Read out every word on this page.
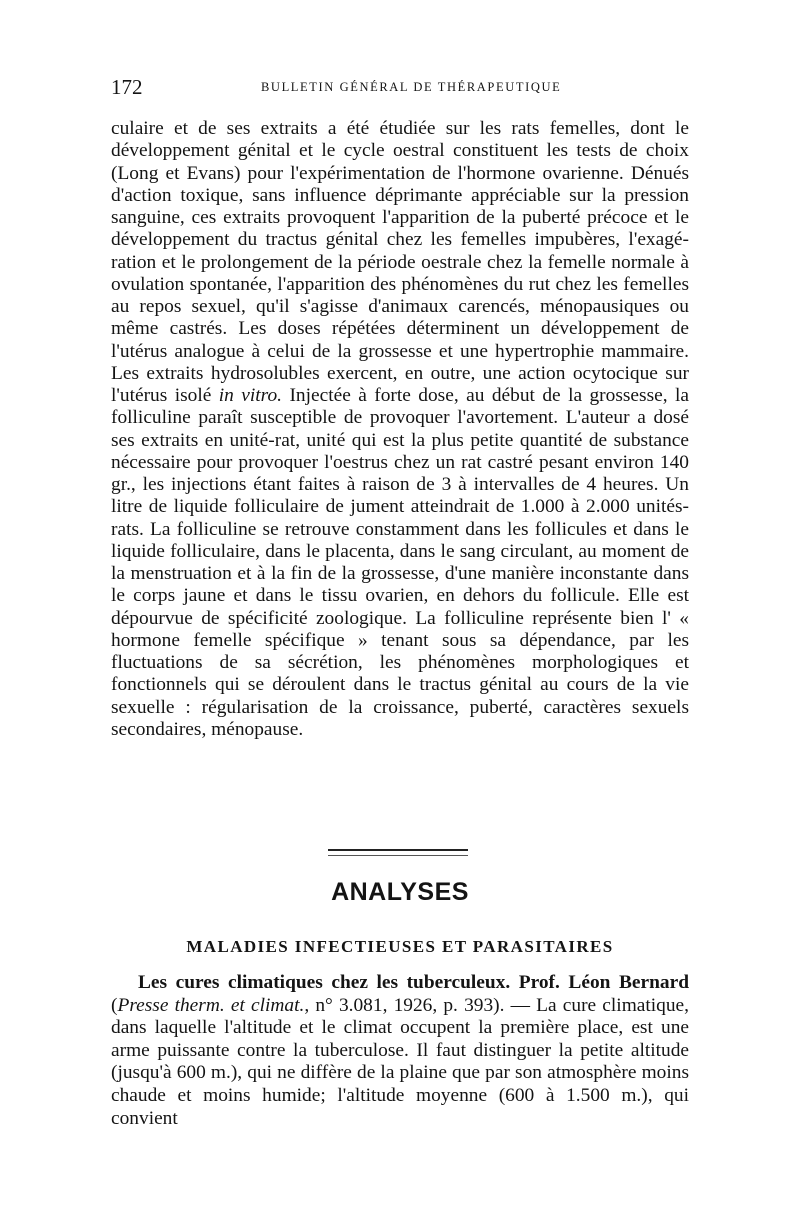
172	BULLETIN GÉNÉRAL DE THÉRAPEUTIQUE

culaire et de ses extraits a été étudiée sur les rats femelles, dont le développement génital et le cycle oestral constituent les tests de choix (Long et Evans) pour l'expérimentation de l'hormone ovarienne. Dénués d'action toxique, sans influence déprimante appréciable sur la pression sanguine, ces extraits provoquent l'apparition de la puberté précoce et le développement du tractus génital chez les femelles impubères, l'exagération et le prolongement de la période oestrale chez la femelle normale à ovulation spontanée, l'apparition des phénomènes du rut chez les femelles au repos sexuel, qu'il s'agisse d'animaux carencés, ménopausiques ou même castrés. Les doses répétées déterminent un développement de l'utérus analogue à celui de la grossesse et une hypertrophie mammaire. Les extraits hydrosolubles exercent, en outre, une action ocytocique sur l'utérus isolé in vitro. Injectée à forte dose, au début de la grossesse, la folliculine paraît susceptible de provoquer l'avortement. L'auteur a dosé ses extraits en unité-rat, unité qui est la plus petite quantité de substance nécessaire pour provoquer l'oestrus chez un rat castré pesant environ 140 gr., les injections étant faites à raison de 3 à intervalles de 4 heures. Un litre de liquide folliculaire de jument atteindrait de 1.000 à 2.000 unités-rats. La folliculine se retrouve constamment dans les follicules et dans le liquide folliculaire, dans le placenta, dans le sang circulant, au moment de la menstruation et à la fin de la grossesse, d'une manière inconstante dans le corps jaune et dans le tissu ovarien, en dehors du follicule. Elle est dépourvue de spécificité zoologique. La folliculine représente bien l' « hormone femelle spécifique » tenant sous sa dépendance, par les fluctuations de sa sécrétion, les phénomènes morphologiques et fonctionnels qui se déroulent dans le tractus génital au cours de la vie sexuelle : régularisation de la croissance, puberté, caractères sexuels secondaires, ménopause.

ANALYSES
MALADIES INFECTIEUSES ET PARASITAIRES

Les cures climatiques chez les tuberculeux. Prof. Léon Bernard (Presse therm. et climat., n° 3.081, 1926, p. 393). — La cure climatique, dans laquelle l'altitude et le climat occupent la première place, est une arme puissante contre la tuberculose. Il faut distinguer la petite altitude (jusqu'à 600 m.), qui ne diffère de la plaine que par son atmosphère moins chaude et moins humide; l'altitude moyenne (600 à 1.500 m.), qui convient
